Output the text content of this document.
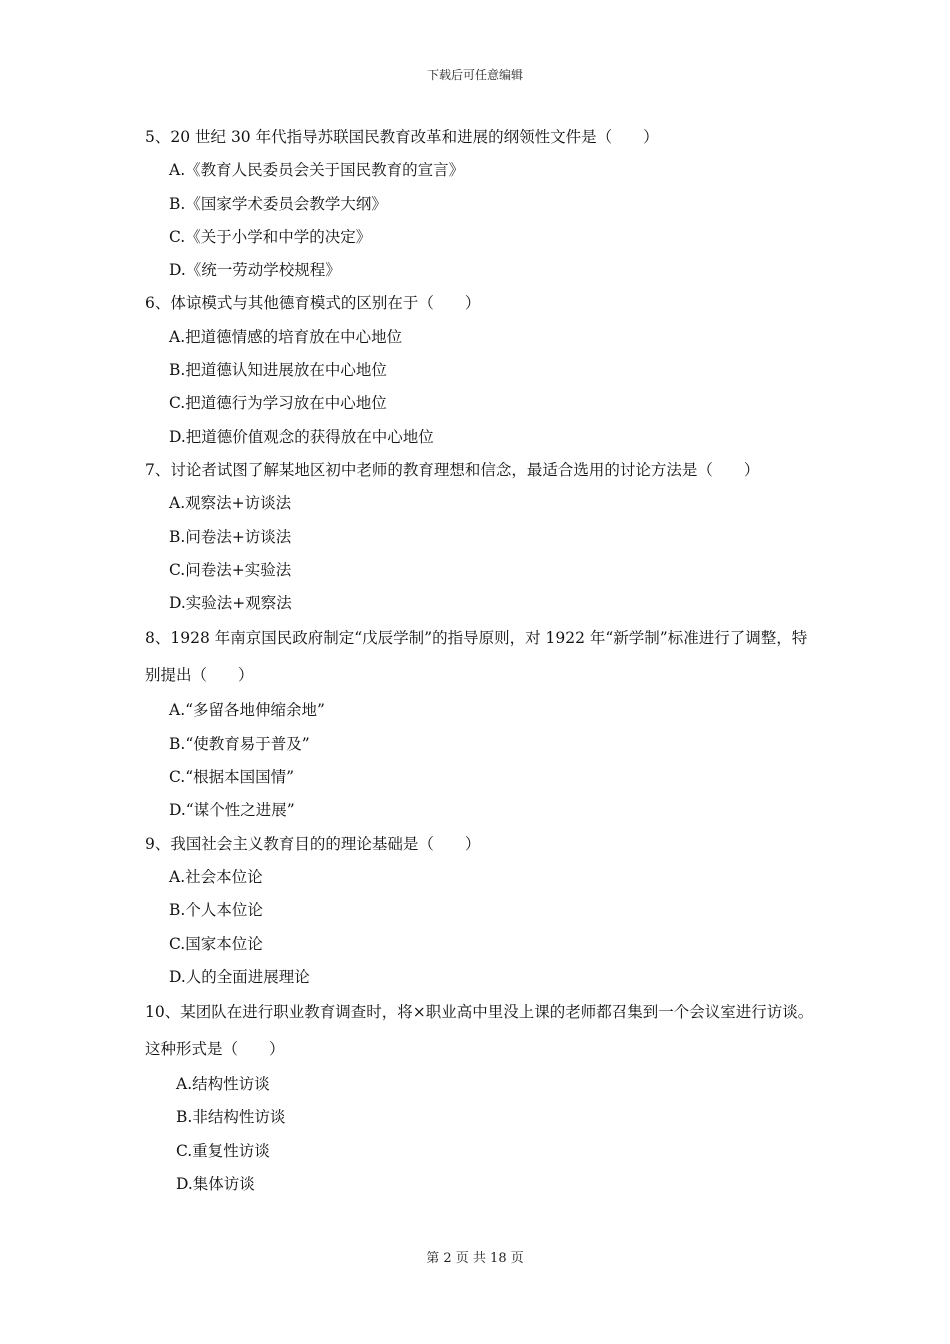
下载后可任意编辑
5、20 世纪 30 年代指导苏联国民教育改革和进展的纲领性文件是（　　）
A.《教育人民委员会关于国民教育的宣言》
B.《国家学术委员会教学大纲》
C.《关于小学和中学的决定》
D.《统一劳动学校规程》
6、体谅模式与其他德育模式的区别在于（　　）
A.把道德情感的培育放在中心地位
B.把道德认知进展放在中心地位
C.把道德行为学习放在中心地位
D.把道德价值观念的获得放在中心地位
7、讨论者试图了解某地区初中老师的教育理想和信念，最适合选用的讨论方法是（　　）
A.观察法+访谈法
B.问卷法+访谈法
C.问卷法+实验法
D.实验法+观察法
8、1928 年南京国民政府制定“戊辰学制”的指导原则，对 1922 年“新学制”标准进行了调整，特别提出（　　）
A.“多留各地伸缩余地”
B.“使教育易于普及”
C.“根据本国国情”
D.“谋个性之进展”
9、我国社会主义教育目的的理论基础是（　　）
A.社会本位论
B.个人本位论
C.国家本位论
D.人的全面进展理论
10、某团队在进行职业教育调查时，将×职业高中里没上课的老师都召集到一个会议室进行访谈。这种形式是（　　）
A.结构性访谈
B.非结构性访谈
C.重复性访谈
D.集体访谈
第 2 页 共 18 页
